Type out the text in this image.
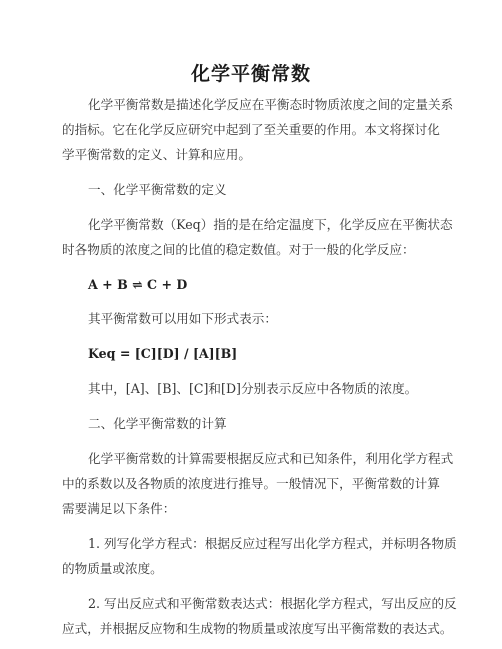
化学平衡常数
化学平衡常数是描述化学反应在平衡态时物质浓度之间的定量关系
的指标。它在化学反应研究中起到了至关重要的作用。本文将探讨化
学平衡常数的定义、计算和应用。
一、化学平衡常数的定义
化学平衡常数（Keq）指的是在给定温度下，化学反应在平衡状态
时各物质的浓度之间的比值的稳定数值。对于一般的化学反应：
A + B ⇌ C + D
其平衡常数可以用如下形式表示：
Keq = [C][D] / [A][B]
其中，[A]、[B]、[C]和[D]分别表示反应中各物质的浓度。
二、化学平衡常数的计算
化学平衡常数的计算需要根据反应式和已知条件，利用化学方程式
中的系数以及各物质的浓度进行推导。一般情况下，平衡常数的计算
需要满足以下条件：
1. 列写化学方程式：根据反应过程写出化学方程式，并标明各物质
的物质量或浓度。
2. 写出反应式和平衡常数表达式：根据化学方程式，写出反应的反
应式，并根据反应物和生成物的物质量或浓度写出平衡常数的表达式。
